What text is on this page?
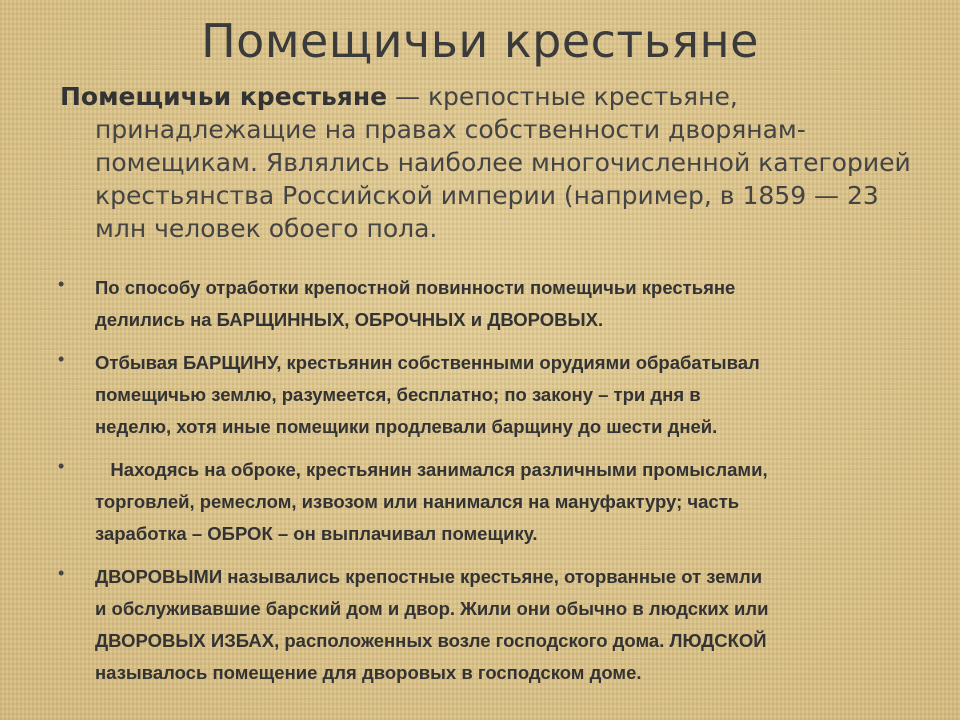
Помещичьи крестьяне
Помещичьи крестьяне — крепостные крестьяне,
принадлежащие на правах собственности дворянам-
помещикам. Являлись наиболее многочисленной категорией
крестьянства Российской империи (например, в 1859 — 23
млн человек обоего пола.
• По способу отработки крепостной повинности помещичьи крестьяне
делились на БАРЩИННЫХ, ОБРОЧНЫХ и ДВОРОВЫХ.
• Отбывая БАРЩИНУ, крестьянин собственными орудиями обрабатывал
помещичью землю, разумеется, бесплатно; по закону – три дня в
неделю, хотя иные помещики продлевали барщину до шести дней.
• Находясь на оброке, крестьянин занимался различными промыслами,
торговлей, ремеслом, извозом или нанимался на мануфактуру; часть
заработка – ОБРОК – он выплачивал помещику.
• ДВОРОВЫМИ назывались крепостные крестьяне, оторванные от земли
и обслуживавшие барский дом и двор. Жили они обычно в людских или
ДВОРОВЫХ ИЗБАХ, расположенных возле господского дома. ЛЮДСКОЙ
называлось помещение для дворовых в господском доме.
